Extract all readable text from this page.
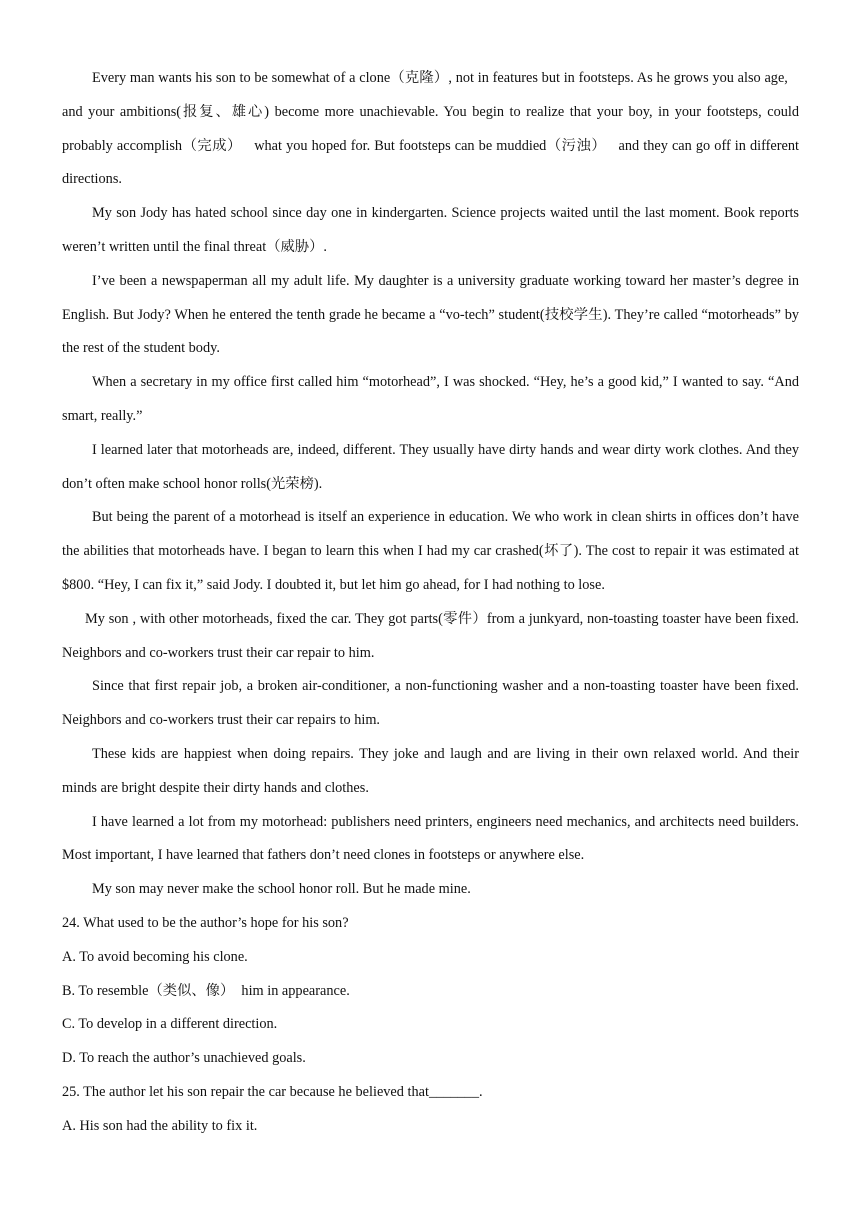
Every man wants his son to be somewhat of a clone（克隆）, not in features but in footsteps. As he grows you also age,    and your ambitions(报复、雄心) become more unachievable. You begin to realize that your boy, in your footsteps, could probably accomplish（完成）   what you hoped for. But footsteps can be muddied（污浊）   and they can go off in different directions.

My son Jody has hated school since day one in kindergarten. Science projects waited until the last moment. Book reports weren’t written until the final threat（威胁）.

I’ve been a newspaperman all my adult life. My daughter is a university graduate working toward her master’s degree in English. But Jody? When he entered the tenth grade he became a “vo-tech” student(技校学生). They’re called “motorheads” by the rest of the student body.

When a secretary in my office first called him “motorhead”, I was shocked. “Hey, he’s a good kid,” I wanted to say. “And smart, really.”

I learned later that motorheads are, indeed, different. They usually have dirty hands and wear dirty work clothes. And they don’t often make school honor rolls(光荣榜).

But being the parent of a motorhead is itself an experience in education. We who work in clean shirts in offices don’t have the abilities that motorheads have. I began to learn this when I had my car crashed(坏了). The cost to repair it was estimated at $800. “Hey, I can fix it,” said Jody. I doubted it, but let him go ahead, for I had nothing to lose.

My son , with other motorheads, fixed the car. They got parts(零件）from a junkyard, non-toasting toaster have been fixed. Neighbors and co-workers trust their car repair to him.

Since that first repair job, a broken air-conditioner, a non-functioning washer and a non-toasting toaster have been fixed. Neighbors and co-workers trust their car repairs to him.

These kids are happiest when doing repairs. They joke and laugh and are living in their own relaxed world. And their minds are bright despite their dirty hands and clothes.

I have learned a lot from my motorhead: publishers need printers, engineers need mechanics, and architects need builders. Most important, I have learned that fathers don’t need clones in footsteps or anywhere else.

My son may never make the school honor roll. But he made mine.

24. What used to be the author’s hope for his son?

A. To avoid becoming his clone.

B. To resemble（类似、像）  him in appearance.

C. To develop in a different direction.

D. To reach the author’s unachieved goals.

25. The author let his son repair the car because he believed that_______.

A. His son had the ability to fix it.
